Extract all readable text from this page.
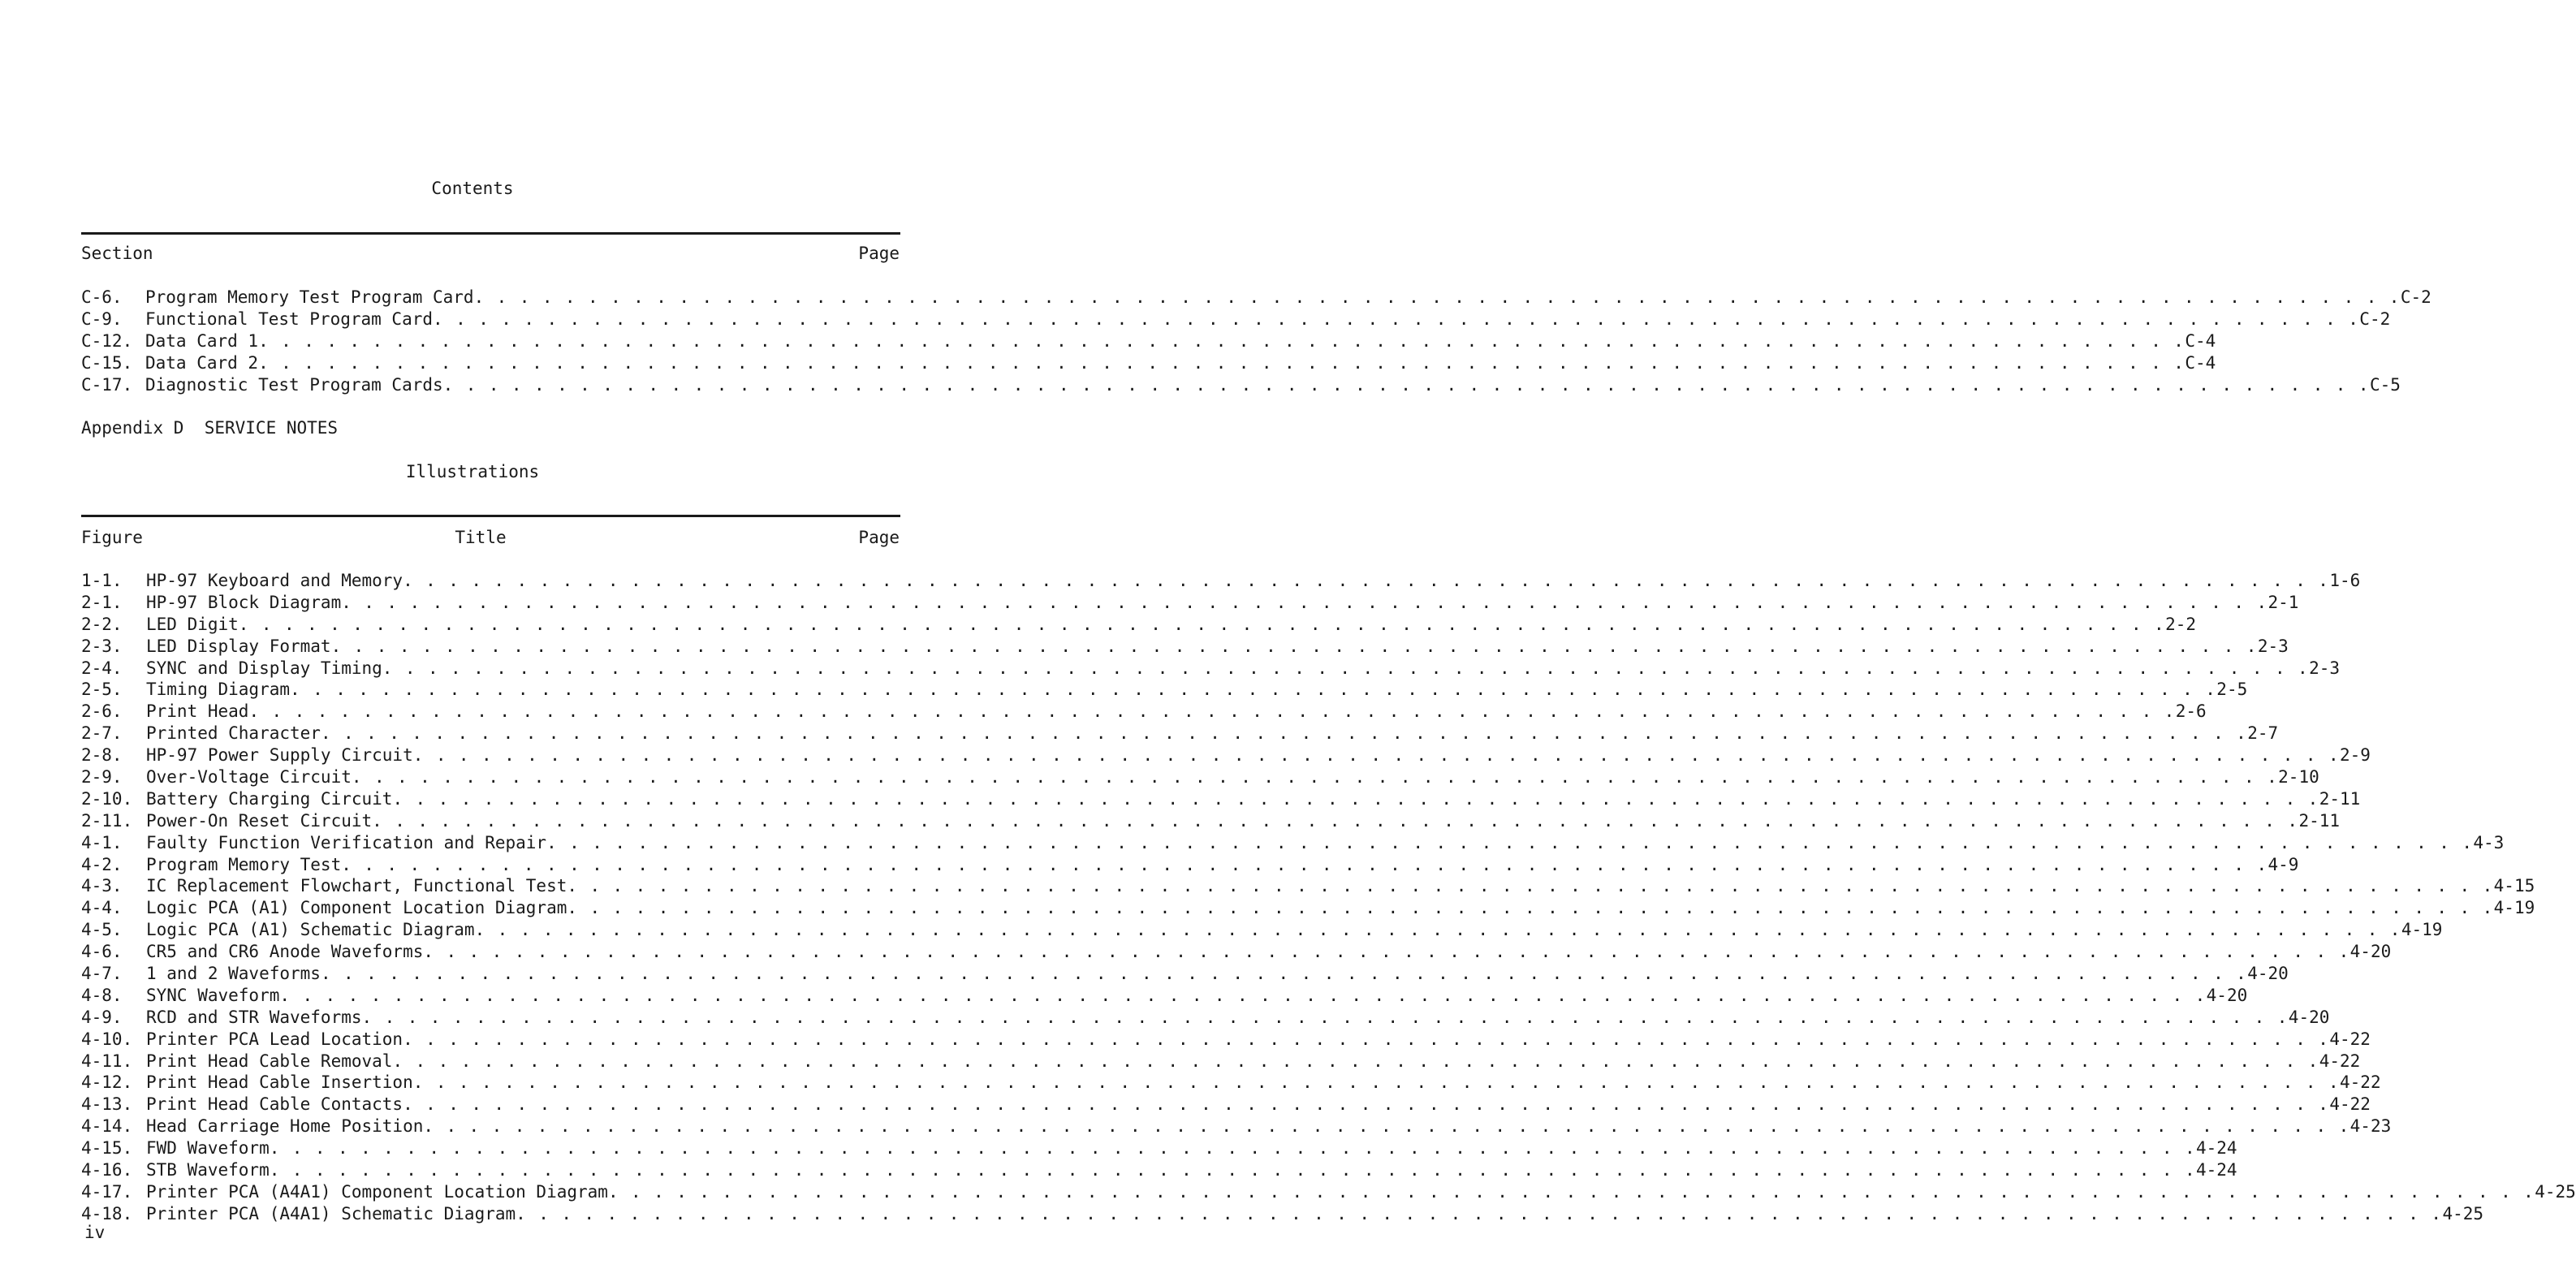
Contents
Section	Page
C-6.	Program Memory Test Program Card . . . . . . . . . . . . . . . . . . . . . . . . . . . . . . . . . . . . . . . . . . . . . . . . . . . . . . . . . . . . . . . . . . . . . . . . . . . . . . . . . . . . . C-2
C-9.	Functional Test Program Card . . . . . . . . . . . . . . . . . . . . . . . . . . . . . . . . . . . . . . . . . . . . . . . . . . . . . . . . . . . . . . . . . . . . . . . . . . . . . . . . . . . . . C-2
C-12. Data Card 1 . . . . . . . . . . . . . . . . . . . . . . . . . . . . . . . . . . . . . . . . . . . . . . . . . . . . . . . . . . . . . . . . . . . . . . . . . . . . . . . . . . . . . C-4
C-15. Data Card 2 . . . . . . . . . . . . . . . . . . . . . . . . . . . . . . . . . . . . . . . . . . . . . . . . . . . . . . . . . . . . . . . . . . . . . . . . . . . . . . . . . . . . . C-4
C-17. Diagnostic Test Program Cards . . . . . . . . . . . . . . . . . . . . . . . . . . . . . . . . . . . . . . . . . . . . . . . . . . . . . . . . . . . . . . . . . . . . . . . . . . . . . . . . . . . . . C-5
Appendix D  SERVICE NOTES
Illustrations
Figure	Title	Page
1-1.	HP-97 Keyboard and Memory . . . . . . . . . . . . . . . . . . . . . . . . . . . . . . . . . . . . . . . . . . . . . . . . . . . . . . . . . . . . . . . . . . . . . . . . . . . . . . . . . . . . . 1-6
2-1.	HP-97 Block Diagram . . . . . . . . . . . . . . . . . . . . . . . . . . . . . . . . . . . . . . . . . . . . . . . . . . . . . . . . . . . . . . . . . . . . . . . . . . . . . . . . . . . . . 2-1
2-2.	LED Digit . . . . . . . . . . . . . . . . . . . . . . . . . . . . . . . . . . . . . . . . . . . . . . . . . . . . . . . . . . . . . . . . . . . . . . . . . . . . . . . . . . . . . 2-2
2-3.	LED Display Format . . . . . . . . . . . . . . . . . . . . . . . . . . . . . . . . . . . . . . . . . . . . . . . . . . . . . . . . . . . . . . . . . . . . . . . . . . . . . . . . . . . . . 2-3
2-4.	SYNC and Display Timing . . . . . . . . . . . . . . . . . . . . . . . . . . . . . . . . . . . . . . . . . . . . . . . . . . . . . . . . . . . . . . . . . . . . . . . . . . . . . . . . . . . . . 2-3
2-5.	Timing Diagram . . . . . . . . . . . . . . . . . . . . . . . . . . . . . . . . . . . . . . . . . . . . . . . . . . . . . . . . . . . . . . . . . . . . . . . . . . . . . . . . . . . . . 2-5
2-6.	Print Head . . . . . . . . . . . . . . . . . . . . . . . . . . . . . . . . . . . . . . . . . . . . . . . . . . . . . . . . . . . . . . . . . . . . . . . . . . . . . . . . . . . . . 2-6
2-7.	Printed Character . . . . . . . . . . . . . . . . . . . . . . . . . . . . . . . . . . . . . . . . . . . . . . . . . . . . . . . . . . . . . . . . . . . . . . . . . . . . . . . . . . . . . 2-7
2-8.	HP-97 Power Supply Circuit . . . . . . . . . . . . . . . . . . . . . . . . . . . . . . . . . . . . . . . . . . . . . . . . . . . . . . . . . . . . . . . . . . . . . . . . . . . . . . . . . . . . . 2-9
2-9.	Over-Voltage Circuit . . . . . . . . . . . . . . . . . . . . . . . . . . . . . . . . . . . . . . . . . . . . . . . . . . . . . . . . . . . . . . . . . . . . . . . . . . . . . . . . . . . . . 2-10
2-10. Battery Charging Circuit . . . . . . . . . . . . . . . . . . . . . . . . . . . . . . . . . . . . . . . . . . . . . . . . . . . . . . . . . . . . . . . . . . . . . . . . . . . . . . . . . . . . . 2-11
2-11. Power-On Reset Circuit . . . . . . . . . . . . . . . . . . . . . . . . . . . . . . . . . . . . . . . . . . . . . . . . . . . . . . . . . . . . . . . . . . . . . . . . . . . . . . . . . . . . . 2-11
4-1.	Faulty Function Verification and Repair . . . . . . . . . . . . . . . . . . . . . . . . . . . . . . . . . . . . . . . . . . . . . . . . . . . . . . . . . . . . . . . . . . . . . . . . . . . . . . . . . . . . . 4-3
4-2.	Program Memory Test . . . . . . . . . . . . . . . . . . . . . . . . . . . . . . . . . . . . . . . . . . . . . . . . . . . . . . . . . . . . . . . . . . . . . . . . . . . . . . . . . . . . . 4-9
4-3.	IC Replacement Flowchart, Functional Test . . . . . . . . . . . . . . . . . . . . . . . . . . . . . . . . . . . . . . . . . . . . . . . . . . . . . . . . . . . . . . . . . . . . . . . . . . . . . . . . . . . . . 4-15
4-4.	Logic PCA (A1) Component Location Diagram . . . . . . . . . . . . . . . . . . . . . . . . . . . . . . . . . . . . . . . . . . . . . . . . . . . . . . . . . . . . . . . . . . . . . . . . . . . . . . . . . . . . . 4-19
4-5.	Logic PCA (A1) Schematic Diagram . . . . . . . . . . . . . . . . . . . . . . . . . . . . . . . . . . . . . . . . . . . . . . . . . . . . . . . . . . . . . . . . . . . . . . . . . . . . . . . . . . . . . 4-19
4-6.	CR5 and CR6 Anode Waveforms . . . . . . . . . . . . . . . . . . . . . . . . . . . . . . . . . . . . . . . . . . . . . . . . . . . . . . . . . . . . . . . . . . . . . . . . . . . . . . . . . . . . . 4-20
4-7.	1 and 2 Waveforms . . . . . . . . . . . . . . . . . . . . . . . . . . . . . . . . . . . . . . . . . . . . . . . . . . . . . . . . . . . . . . . . . . . . . . . . . . . . . . . . . . . . . 4-20
4-8.	SYNC Waveform . . . . . . . . . . . . . . . . . . . . . . . . . . . . . . . . . . . . . . . . . . . . . . . . . . . . . . . . . . . . . . . . . . . . . . . . . . . . . . . . . . . . . 4-20
4-9.	RCD and STR Waveforms . . . . . . . . . . . . . . . . . . . . . . . . . . . . . . . . . . . . . . . . . . . . . . . . . . . . . . . . . . . . . . . . . . . . . . . . . . . . . . . . . . . . . 4-20
4-10. Printer PCA Lead Location . . . . . . . . . . . . . . . . . . . . . . . . . . . . . . . . . . . . . . . . . . . . . . . . . . . . . . . . . . . . . . . . . . . . . . . . . . . . . . . . . . . . . 4-22
4-11. Print Head Cable Removal . . . . . . . . . . . . . . . . . . . . . . . . . . . . . . . . . . . . . . . . . . . . . . . . . . . . . . . . . . . . . . . . . . . . . . . . . . . . . . . . . . . . . 4-22
4-12. Print Head Cable Insertion . . . . . . . . . . . . . . . . . . . . . . . . . . . . . . . . . . . . . . . . . . . . . . . . . . . . . . . . . . . . . . . . . . . . . . . . . . . . . . . . . . . . . 4-22
4-13. Print Head Cable Contacts . . . . . . . . . . . . . . . . . . . . . . . . . . . . . . . . . . . . . . . . . . . . . . . . . . . . . . . . . . . . . . . . . . . . . . . . . . . . . . . . . . . . . 4-22
4-14. Head Carriage Home Position . . . . . . . . . . . . . . . . . . . . . . . . . . . . . . . . . . . . . . . . . . . . . . . . . . . . . . . . . . . . . . . . . . . . . . . . . . . . . . . . . . . . . 4-23
4-15. FWD Waveform . . . . . . . . . . . . . . . . . . . . . . . . . . . . . . . . . . . . . . . . . . . . . . . . . . . . . . . . . . . . . . . . . . . . . . . . . . . . . . . . . . . . . 4-24
4-16. STB Waveform . . . . . . . . . . . . . . . . . . . . . . . . . . . . . . . . . . . . . . . . . . . . . . . . . . . . . . . . . . . . . . . . . . . . . . . . . . . . . . . . . . . . . 4-24
4-17. Printer PCA (A4A1) Component Location Diagram . . . . . . . . . . . . . . . . . . . . . . . . . . . . . . . . . . . . . . . . . . . . . . . . . . . . . . . . . . . . . . . . . . . . . . . . . . . . . . . . . . . . . 4-25
4-18. Printer PCA (A4A1) Schematic Diagram . . . . . . . . . . . . . . . . . . . . . . . . . . . . . . . . . . . . . . . . . . . . . . . . . . . . . . . . . . . . . . . . . . . . . . . . . . . . . . . . . . . . . 4-25
iv
